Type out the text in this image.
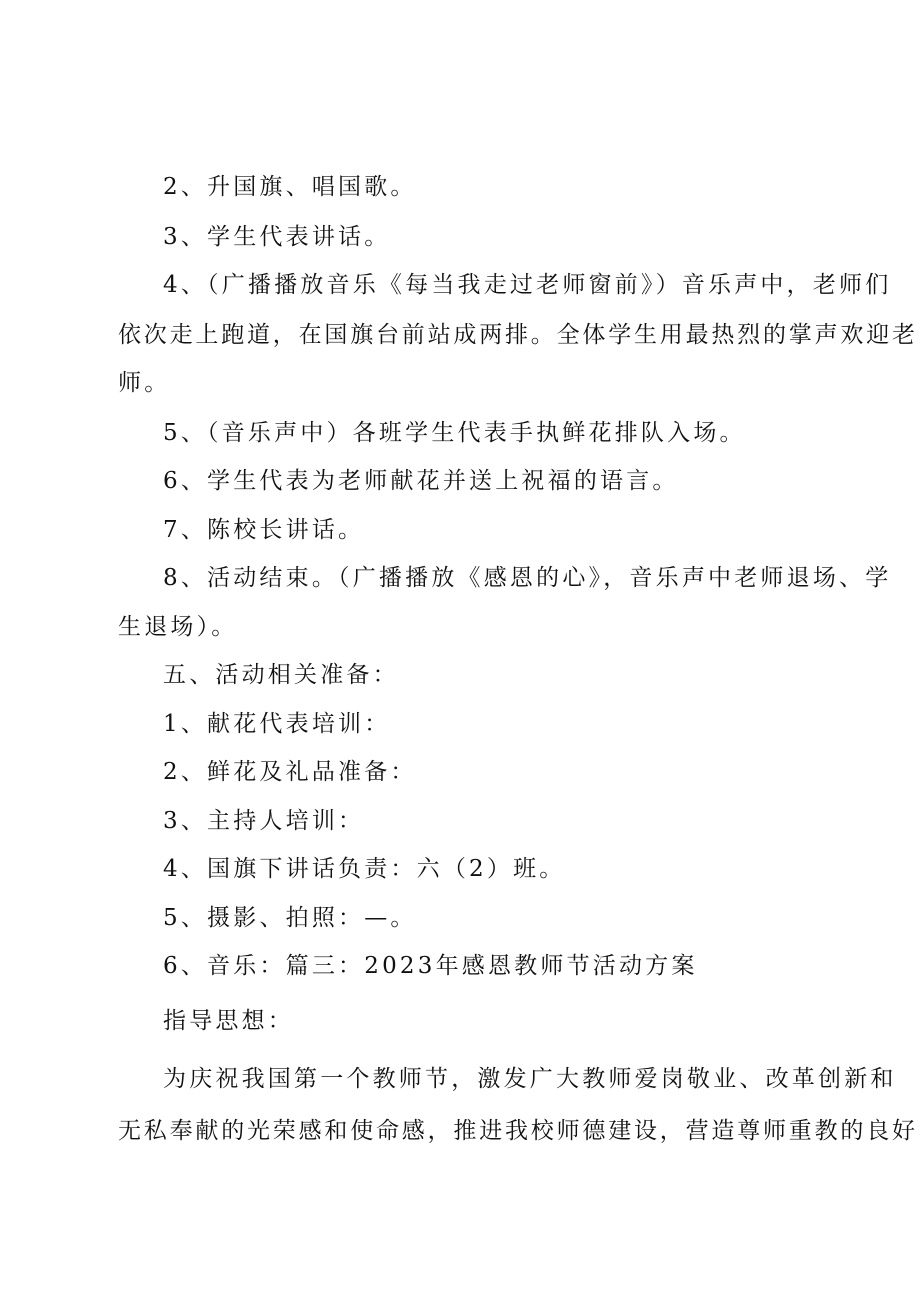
2、升国旗、唱国歌。
3、学生代表讲话。
4、（广播播放音乐《每当我走过老师窗前》）音乐声中，老师们
依次走上跑道，在国旗台前站成两排。全体学生用最热烈的掌声欢迎老
师。
5、（音乐声中）各班学生代表手执鲜花排队入场。
6、学生代表为老师献花并送上祝福的语言。
7、陈校长讲话。
8、活动结束。（广播播放《感恩的心》，音乐声中老师退场、学
生退场）。
五、活动相关准备：
1、献花代表培训：
2、鲜花及礼品准备：
3、主持人培训：
4、国旗下讲话负责：六（2）班。
5、摄影、拍照：—。
6、音乐：篇三：2023年感恩教师节活动方案
指导思想：
为庆祝我国第一个教师节，激发广大教师爱岗敬业、改革创新和
无私奉献的光荣感和使命感，推进我校师德建设，营造尊师重教的良好
